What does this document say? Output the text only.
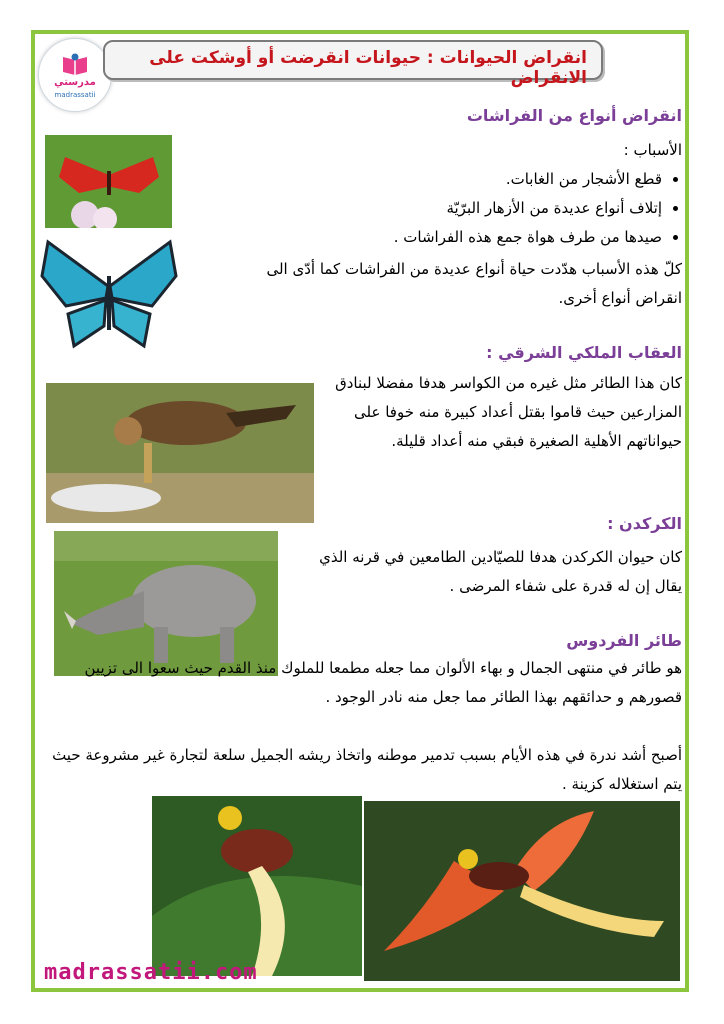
مدرستي
madrassatii
انقراض الحيوانات : حيوانات انقرضت أو أوشكت على الانقراض
انقراض أنواع من الفراشات
الأسباب :
• قطع الأشجار من الغابات.
• إتلاف أنواع عديدة من الأزهار البرّيّة
• صيدها من طرف هواة جمع هذه الفراشات .
كلّ هذه الأسباب هدّدت حياة أنواع عديدة من الفراشات كما أدّى الى انقراض أنواع أخرى.
العقاب الملكي الشرقي :
كان هذا الطائر مثل غيره من الكواسر هدفا مفضلا لبنادق المزارعين حيث قاموا بقتل أعداد كبيرة منه خوفا على حيواناتهم الأهلية الصغيرة فبقي منه أعداد قليلة.
الكركدن :
كان حيوان الكركدن هدفا للصيّادين الطامعين في قرنه الذي يقال إن له قدرة على شفاء المرضى .
طائر الفردوس
هو طائر في منتهى الجمال و بهاء الألوان مما جعله مطمعا للملوك منذ القدم حيث سعوا الى تزيين قصورهم و حدائقهم بهذا الطائر مما جعل منه نادر الوجود .
أصبح أشد ندرة في هذه الأيام بسبب تدمير موطنه واتخاذ ريشه الجميل سلعة لتجارة غير مشروعة حيث يتم استغلاله كزينة .
madrassatii.com
